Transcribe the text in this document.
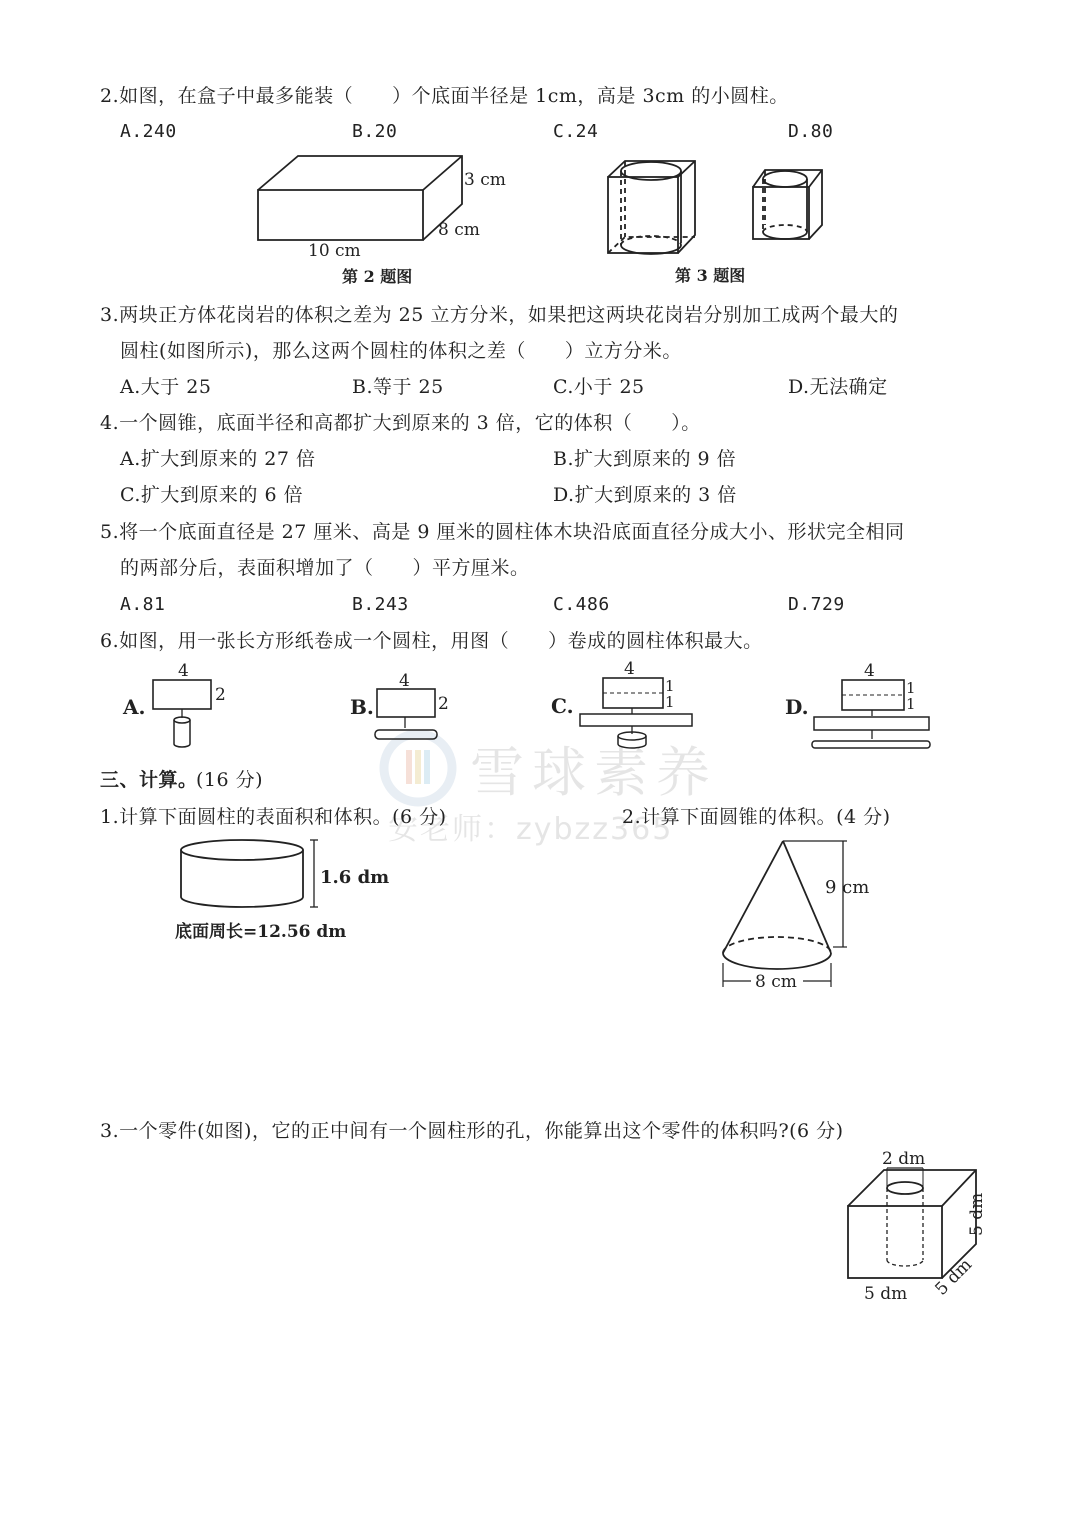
雪球素养
安老师：zybzz365
2.如图，在盒子中最多能装（　　）个底面半径是 1cm，高是 3cm 的小圆柱。
A.240	B.20	C.24	D.80
3 cm
8 cm
10 cm
第 2 题图	第 3 题图
3.两块正方体花岗岩的体积之差为 25 立方分米，如果把这两块花岗岩分别加工成两个最大的
圆柱(如图所示)，那么这两个圆柱的体积之差（　　）立方分米。
A.大于 25	B.等于 25	C.小于 25	D.无法确定
4.一个圆锥，底面半径和高都扩大到原来的 3 倍，它的体积（　　）。
A.扩大到原来的 27 倍	B.扩大到原来的 9 倍
C.扩大到原来的 6 倍	D.扩大到原来的 3 倍
5.将一个底面直径是 27 厘米、高是 9 厘米的圆柱体木块沿底面直径分成大小、形状完全相同
的两部分后，表面积增加了（　　）平方厘米。
A.81	B.243	C.486	D.729
6.如图，用一张长方形纸卷成一个圆柱，用图（　　）卷成的圆柱体积最大。
A.
4
2	B.
4
2	C.
4
1
1	D.
4
1
1
三、计算。
(16 分)
1.计算下面圆柱的表面积和体积。(6 分)	2.计算下面圆锥的体积。(4 分)
1.6 dm
底面周长=12.56 dm
9 cm
8 cm
3.一个零件(如图)，它的正中间有一个圆柱形的孔，你能算出这个零件的体积吗?(6 分)
2 dm
5 dm
5 dm 5 dm
